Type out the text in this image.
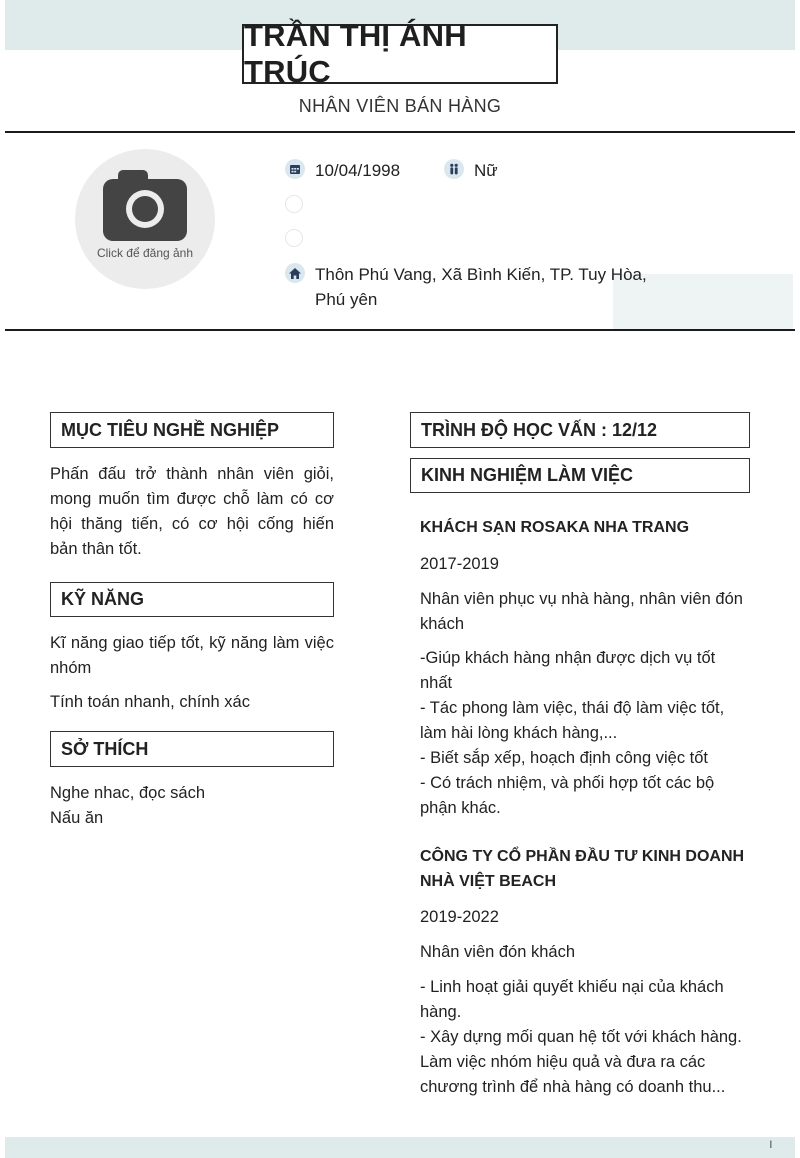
l
TRẦN THỊ ÁNH TRÚC
NHÂN VIÊN BÁN HÀNG
Click để đăng ảnh
10/04/1998	Nữ
Thôn Phú Vang, Xã Bình Kiến, TP. Tuy Hòa, Phú yên
MỤC TIÊU NGHỀ NGHIỆP
Phấn đấu trở thành nhân viên giỏi, mong muốn tìm được chỗ làm có cơ hội thăng tiến, có cơ hội cống hiến bản thân tốt.
KỸ NĂNG
Kĩ năng giao tiếp tốt, kỹ năng làm việc nhóm
Tính toán nhanh, chính xác
SỞ THÍCH
Nghe nhac, đọc sách
Nấu ăn
TRÌNH ĐỘ HỌC VẤN : 12/12
KINH NGHIỆM LÀM VIỆC
KHÁCH SẠN ROSAKA NHA TRANG
2017-2019
Nhân viên phục vụ nhà hàng, nhân viên đón khách
-Giúp khách hàng nhận được dịch vụ tốt nhất
- Tác phong làm việc, thái độ làm việc tốt, làm hài lòng khách hàng,...
- Biết sắp xếp, hoạch định công việc tốt
- Có trách nhiệm, và phối hợp tốt các bộ phận khác.
CÔNG TY CỔ PHẦN ĐẦU TƯ KINH DOANH NHÀ VIỆT BEACH
2019-2022
Nhân viên đón khách
- Linh hoạt giải quyết khiếu nại của khách hàng.
- Xây dựng mối quan hệ tốt với khách hàng.
Làm việc nhóm hiệu quả và đưa ra các chương trình để nhà hàng có doanh thu...
